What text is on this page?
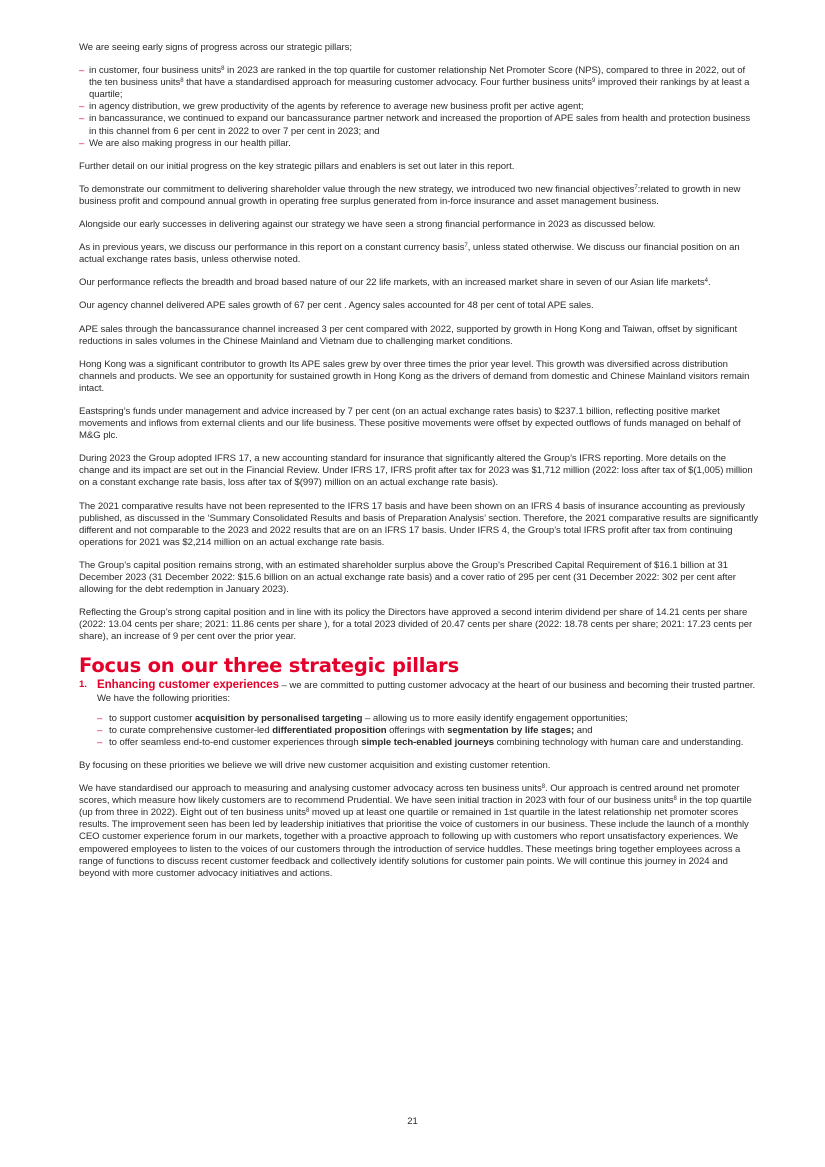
We are seeing early signs of progress across our strategic pillars;

– in customer, four business units$^8$ in 2023 are ranked in the top quartile for customer relationship Net Promoter Score (NPS), compared to three in 2022, out of the ten business units$^8$ that have a standardised approach for measuring customer advocacy. Four further business units$^9$ improved their rankings by at least a quartile;
– in agency distribution, we grew productivity of the agents by reference to average new business profit per active agent;
– in bancassurance, we continued to expand our bancassurance partner network and increased the proportion of APE sales from health and protection business in this channel from 6 per cent in 2022 to over 7 per cent in 2023; and
– We are also making progress in our health pillar.

Further detail on our initial progress on the key strategic pillars and enablers is set out later in this report.

To demonstrate our commitment to delivering shareholder value through the new strategy, we introduced two new financial objectives$^7$:related to growth in new business profit and compound annual growth in operating free surplus generated from in-force insurance and asset management business.

Alongside our early successes in delivering against our strategy we have seen a strong financial performance in 2023 as discussed below.

As in previous years, we discuss our performance in this report on a constant currency basis$^7$, unless stated otherwise. We discuss our financial position on an actual exchange rates basis, unless otherwise noted.

Our performance reflects the breadth and broad based nature of our 22 life markets, with an increased market share in seven of our Asian life markets$^4$.

Our agency channel delivered APE sales growth of 67 per cent . Agency sales accounted for 48 per cent of total APE sales.

APE sales through the bancassurance channel increased 3 per cent compared with 2022, supported by growth in Hong Kong and Taiwan, offset by significant reductions in sales volumes in the Chinese Mainland and Vietnam due to challenging market conditions.

Hong Kong was a significant contributor to growth Its APE sales grew by over three times the prior year level. This growth was diversified across distribution channels and products. We see an opportunity for sustained growth in Hong Kong as the drivers of demand from domestic and Chinese Mainland visitors remain intact.

Eastspring’s funds under management and advice increased by 7 per cent (on an actual exchange rates basis) to $237.1 billion, reflecting positive market movements and inflows from external clients and our life business. These positive movements were offset by expected outflows of funds managed on behalf of M&G plc.

During 2023 the Group adopted IFRS 17, a new accounting standard for insurance that significantly altered the Group’s IFRS reporting. More details on the change and its impact are set out in the Financial Review. Under IFRS 17, IFRS profit after tax for 2023 was $1,712 million (2022: loss after tax of $(1,005) million on a constant exchange rate basis, loss after tax of $(997) million on an actual exchange rate basis).

The 2021 comparative results have not been represented to the IFRS 17 basis and have been shown on an IFRS 4 basis of insurance accounting as previously published, as discussed in the ‘Summary Consolidated Results and basis of Preparation Analysis’ section. Therefore, the 2021 comparative results are significantly different and not comparable to the 2023 and 2022 results that are on an IFRS 17 basis. Under IFRS 4, the Group’s total IFRS profit after tax from continuing operations for 2021 was $2,214 million on an actual exchange rate basis.

The Group’s capital position remains strong, with an estimated shareholder surplus above the Group’s Prescribed Capital Requirement of $16.1 billion at 31 December 2023 (31 December 2022: $15.6 billion on an actual exchange rate basis) and a cover ratio of 295 per cent (31 December 2022: 302 per cent after allowing for the debt redemption in January 2023).

Reflecting the Group’s strong capital position and in line with its policy the Directors have approved a second interim dividend per share of 14.21 cents per share (2022: 13.04 cents per share; 2021: 11.86 cents per share ), for a total 2023 divided of 20.47 cents per share (2022: 18.78 cents per share; 2021: 17.23 cents per share), an increase of 9 per cent over the prior year.

Focus on our three strategic pillars
1. Enhancing customer experiences – we are committed to putting customer advocacy at the heart of our business and becoming their trusted partner. We have the following priorities:
– to support customer acquisition by personalised targeting – allowing us to more easily identify engagement opportunities;
– to curate comprehensive customer-led differentiated proposition offerings with segmentation by life stages; and
– to offer seamless end-to-end customer experiences through simple tech-enabled journeys combining technology with human care and understanding.

By focusing on these priorities we believe we will drive new customer acquisition and existing customer retention.

We have standardised our approach to measuring and analysing customer advocacy across ten business units$^8$. Our approach is centred around net promoter scores, which measure how likely customers are to recommend Prudential. We have seen initial traction in 2023 with four of our business units$^8$ in the top quartile (up from three in 2022). Eight out of ten business units$^8$ moved up at least one quartile or remained in 1st quartile in the latest relationship net promoter scores results. The improvement seen has been led by leadership initiatives that prioritise the voice of customers in our business. These include the launch of a monthly CEO customer experience forum in our markets, together with a proactive approach to following up with customers who report unsatisfactory experiences. We empowered employees to listen to the voices of our customers through the introduction of service huddles. These meetings bring together employees across a range of functions to discuss recent customer feedback and collectively identify solutions for customer pain points. We will continue this journey in 2024 and beyond with more customer advocacy initiatives and actions.

21
